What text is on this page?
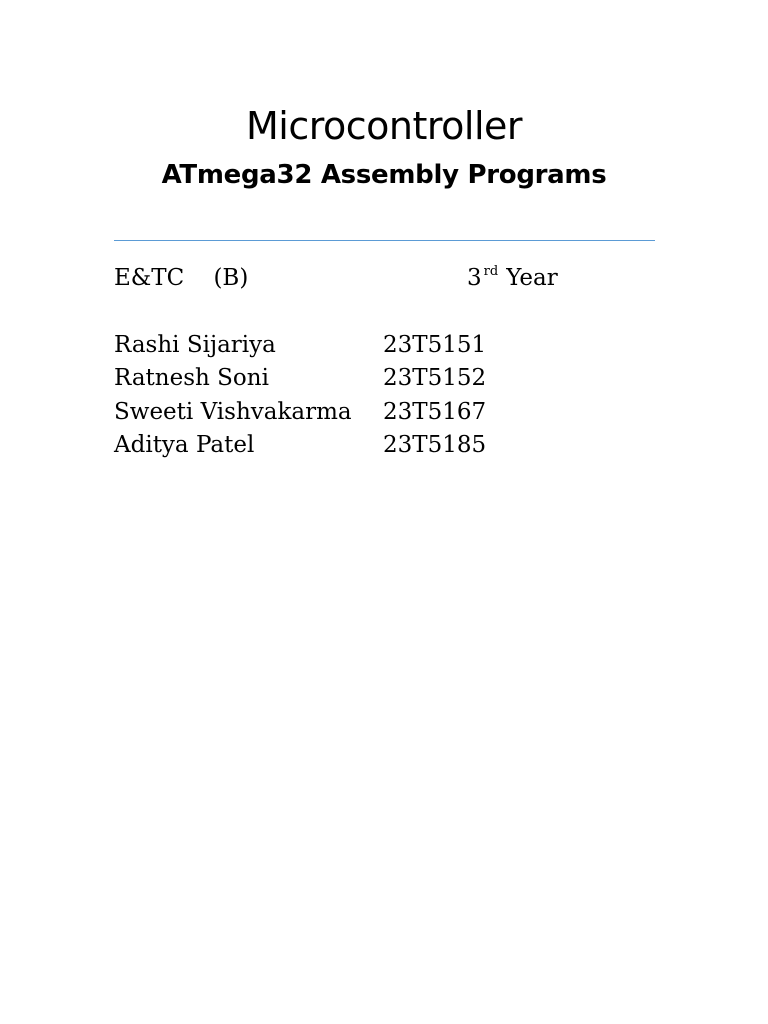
Microcontroller
ATmega32 Assembly Programs
E&TC (B)	3 $^{rd}$ Year
Rashi Sijariya	23T5151
Ratnesh Soni	23T5152
Sweeti Vishvakarma 23T5167
Aditya Patel	23T5185
